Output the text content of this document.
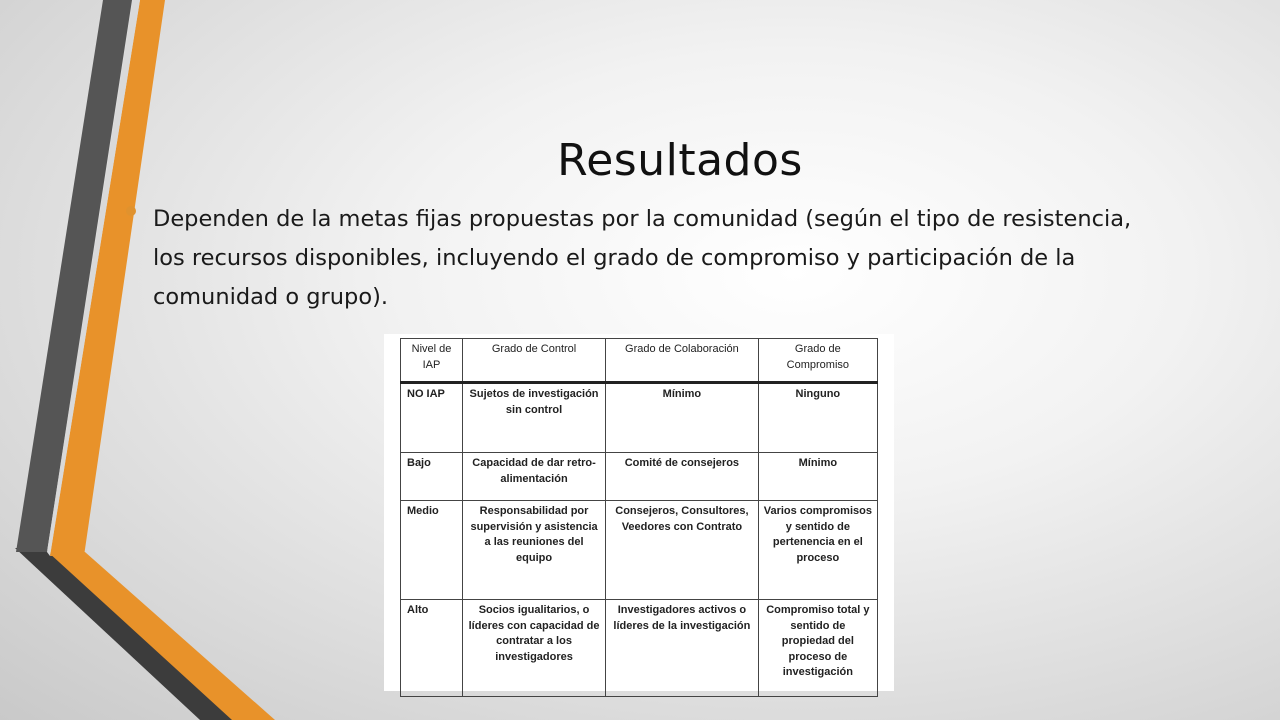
Resultados

Dependen de la metas fijas propuestas por la comunidad (según el tipo de resistencia, los recursos disponibles, incluyendo el grado de compromiso y participación de la comunidad o grupo).

Nivel de IAP	Grado de Control	Grado de Colaboración	Grado de Compromiso
NO IAP	Sujetos de investigación sin control	Mínimo	Ninguno
Bajo	Capacidad de dar retro-alimentación	Comité de consejeros	Mínimo
Medio	Responsabilidad por supervisión y asistencia a las reuniones del equipo	Consejeros, Consultores, Veedores con Contrato	Varios compromisos y sentido de pertenencia en el proceso
Alto	Socios igualitarios, o líderes con capacidad de contratar a los investigadores	Investigadores activos o líderes de la investigación	Compromiso total y sentido de propiedad del proceso de investigación
